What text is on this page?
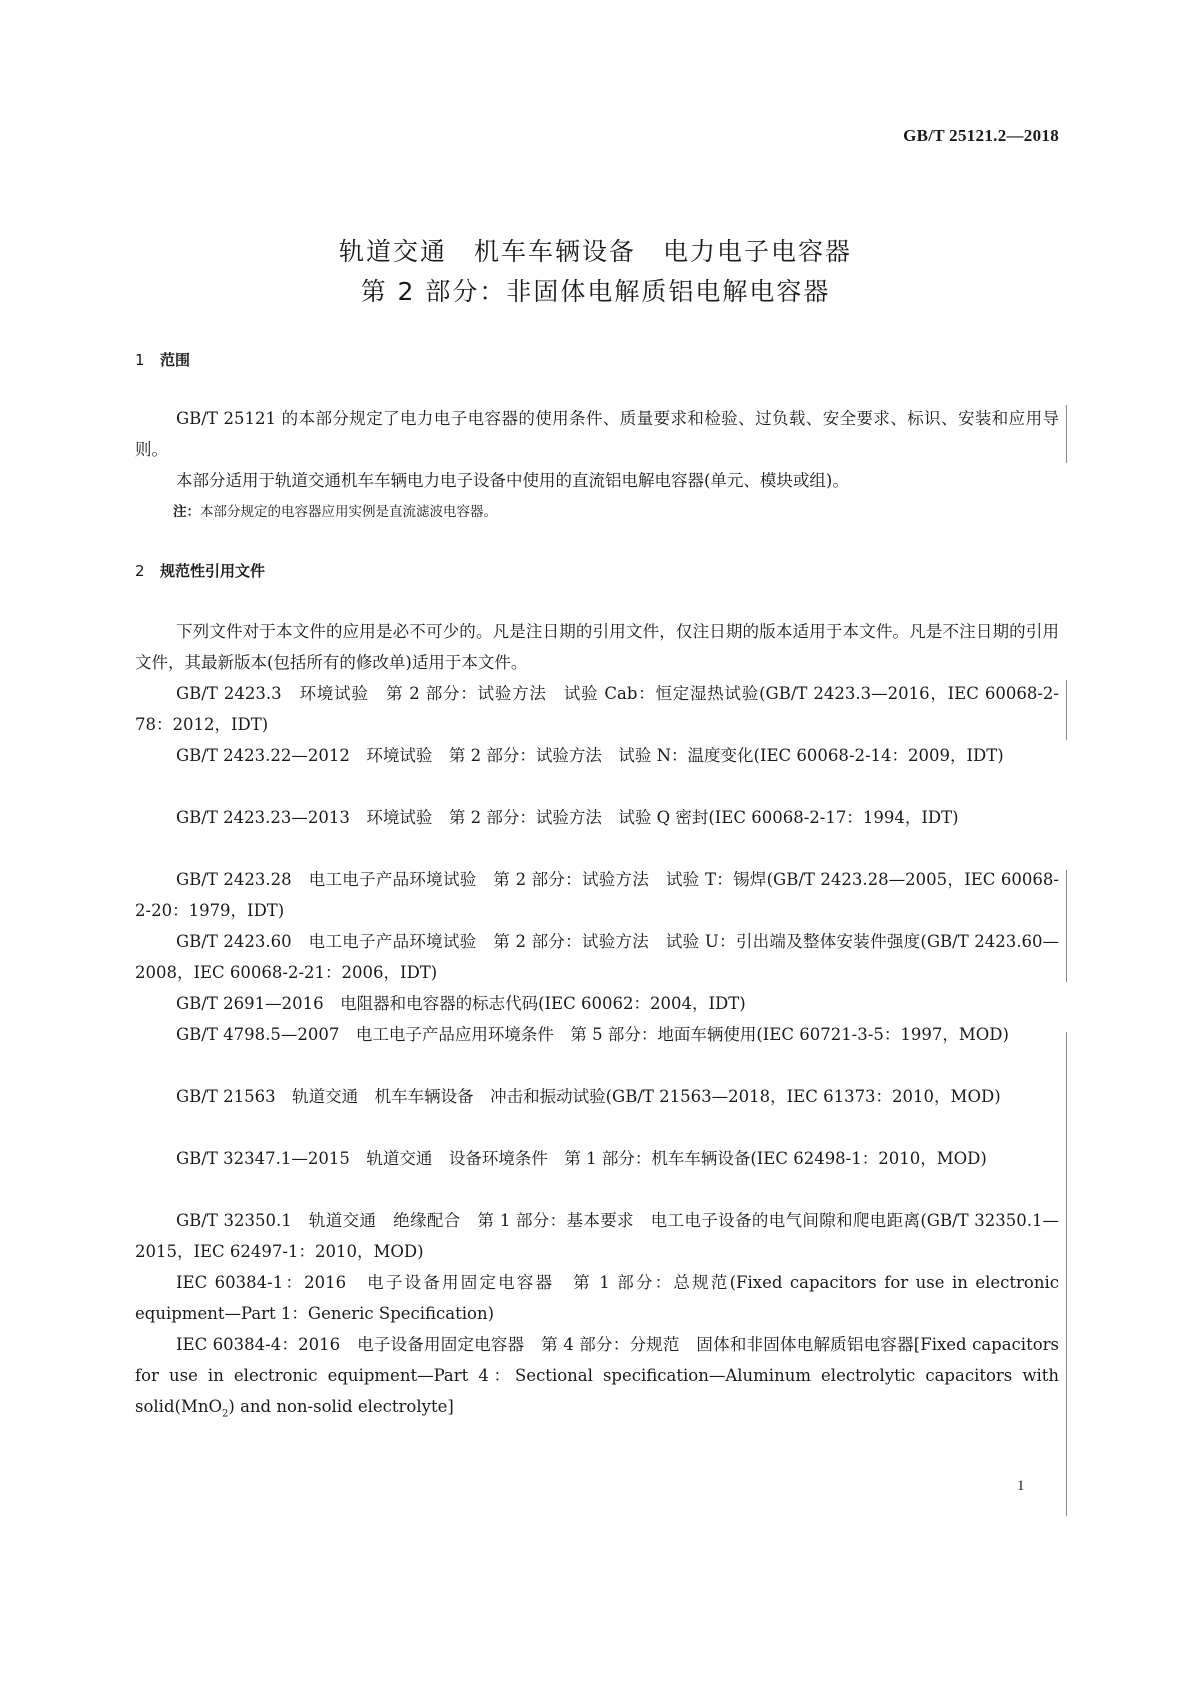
GB/T 25121.2—2018
轨道交通　机车车辆设备　电力电子电容器
第 2 部分：非固体电解质铝电解电容器
1 范围
GB/T 25121 的本部分规定了电力电子电容器的使用条件、质量要求和检验、过负载、安全要求、标识、安装和应用导则。
本部分适用于轨道交通机车车辆电力电子设备中使用的直流铝电解电容器(单元、模块或组)。
注：本部分规定的电容器应用实例是直流滤波电容器。
2 规范性引用文件
下列文件对于本文件的应用是必不可少的。凡是注日期的引用文件，仅注日期的版本适用于本文件。凡是不注日期的引用文件，其最新版本(包括所有的修改单)适用于本文件。
GB/T 2423.3　环境试验　第 2 部分：试验方法　试验 Cab：恒定湿热试验(GB/T 2423.3—2016，IEC 60068-2-78：2012，IDT)
GB/T 2423.22—2012　环境试验　第 2 部分：试验方法　试验 N：温度变化(IEC 60068-2-14：2009，IDT)
GB/T 2423.23—2013　环境试验　第 2 部分：试验方法　试验 Q 密封(IEC 60068-2-17：1994，IDT)
GB/T 2423.28　电工电子产品环境试验　第 2 部分：试验方法　试验 T：锡焊(GB/T 2423.28—2005，IEC 60068-2-20：1979，IDT)
GB/T 2423.60　电工电子产品环境试验　第 2 部分：试验方法　试验 U：引出端及整体安装件强度(GB/T 2423.60—2008，IEC 60068-2-21：2006，IDT)
GB/T 2691—2016　电阻器和电容器的标志代码(IEC 60062：2004，IDT)
GB/T 4798.5—2007　电工电子产品应用环境条件　第 5 部分：地面车辆使用(IEC 60721-3-5：1997，MOD)
GB/T 21563　轨道交通　机车车辆设备　冲击和振动试验(GB/T 21563—2018，IEC 61373：2010，MOD)
GB/T 32347.1—2015　轨道交通　设备环境条件　第 1 部分：机车车辆设备(IEC 62498-1：2010，MOD)
GB/T 32350.1　轨道交通　绝缘配合　第 1 部分：基本要求　电工电子设备的电气间隙和爬电距离(GB/T 32350.1—2015，IEC 62497-1：2010，MOD)
IEC 60384-1：2016　电子设备用固定电容器　第 1 部分：总规范(Fixed capacitors for use in electronic equipment—Part 1：Generic Specification)
IEC 60384-4：2016　电子设备用固定电容器　第 4 部分：分规范　固体和非固体电解质铝电容器[Fixed capacitors for use in electronic equipment—Part 4：Sectional specification—Aluminum electrolytic capacitors with solid(MnO$_2$) and non-solid electrolyte]
1
